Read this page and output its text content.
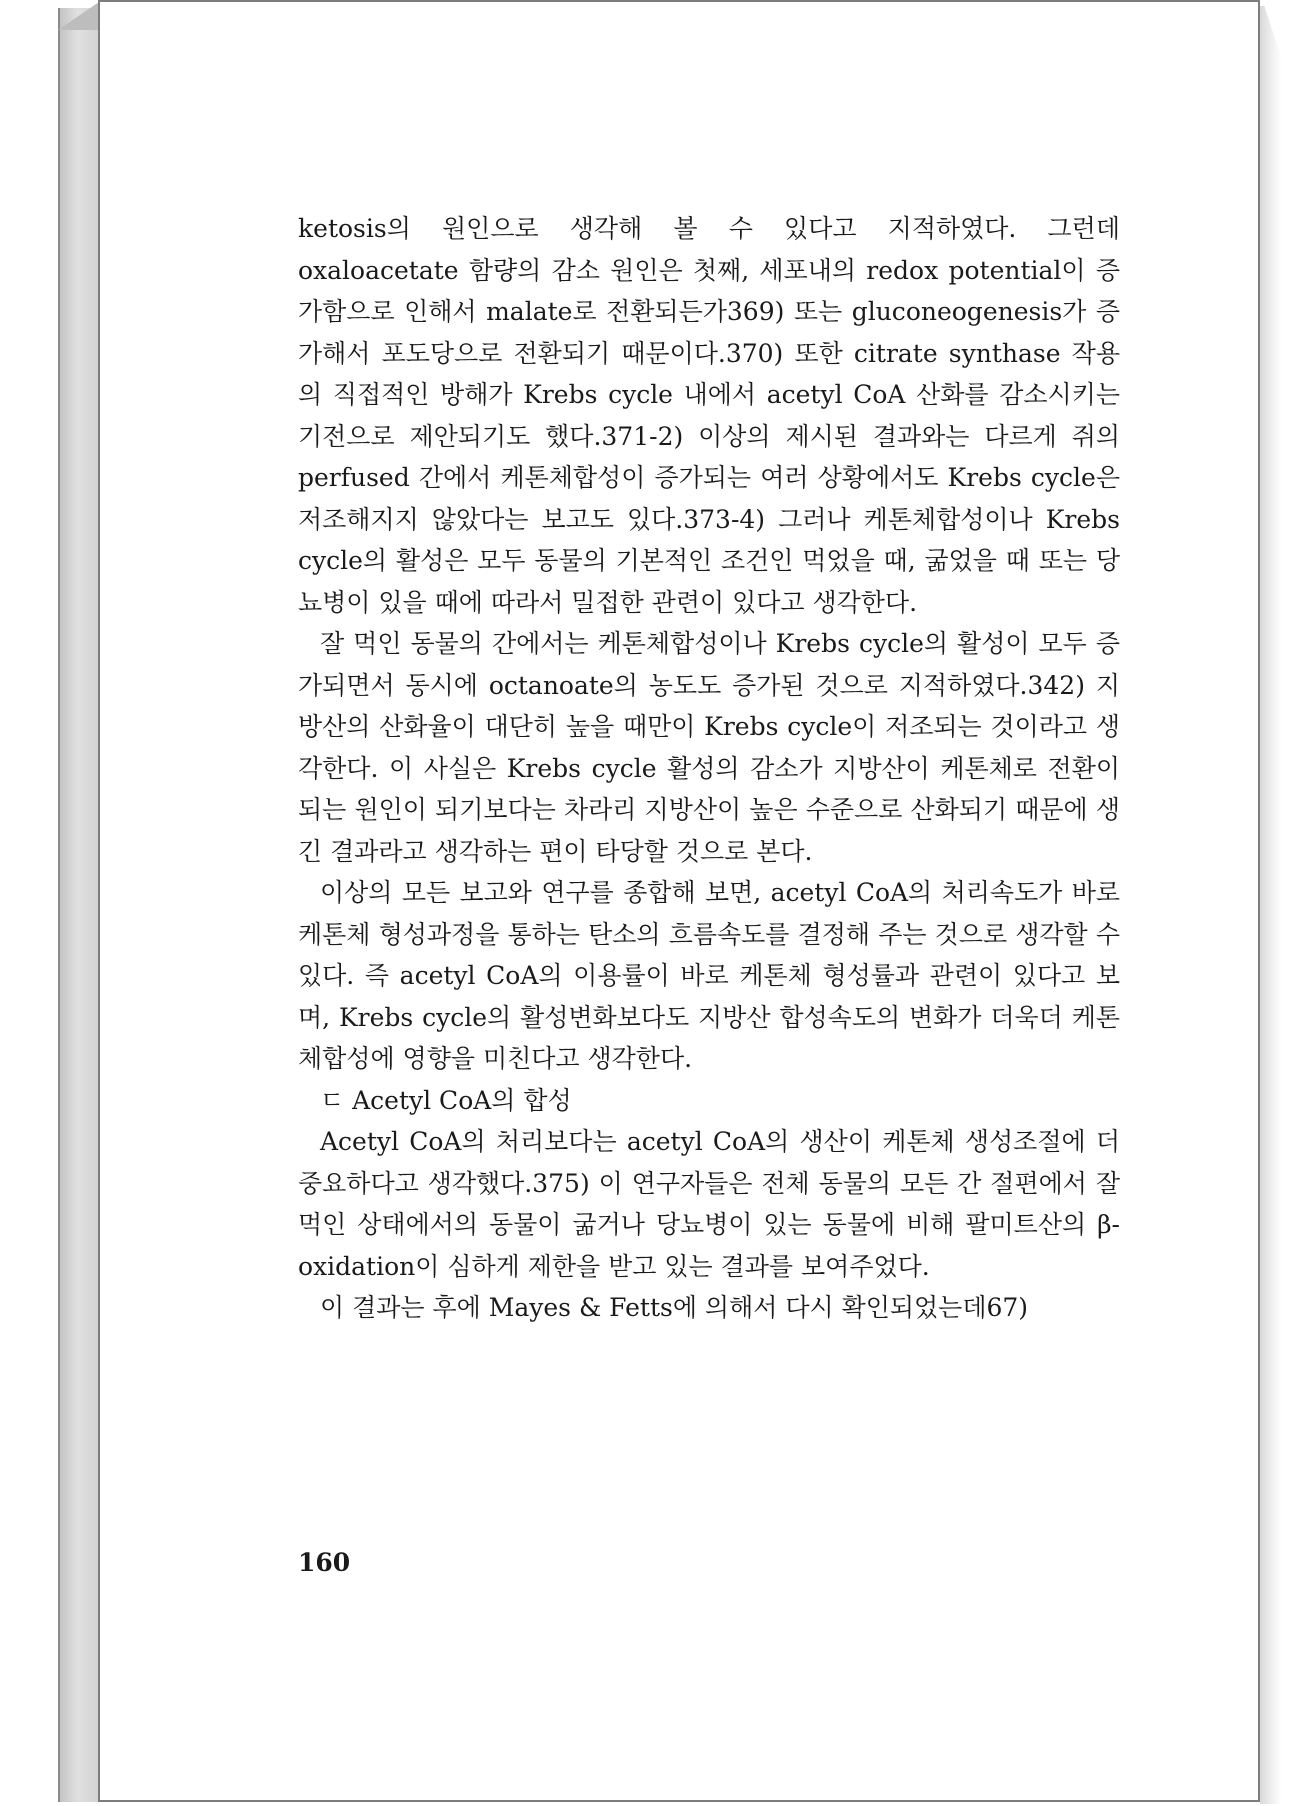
ketosis의 원인으로 생각해 볼 수 있다고 지적하였다. 그런데 oxaloacetate 함량의 감소 원인은 첫째, 세포내의 redox potential이 증가함으로 인해서 malate로 전환되든가369) 또는 gluconeogenesis가 증가해서 포도당으로 전환되기 때문이다.370) 또한 citrate synthase 작용의 직접적인 방해가 Krebs cycle 내에서 acetyl CoA 산화를 감소시키는 기전으로 제안되기도 했다.371-2) 이상의 제시된 결과와는 다르게 쥐의 perfused 간에서 케톤체합성이 증가되는 여러 상황에서도 Krebs cycle은 저조해지지 않았다는 보고도 있다.373-4) 그러나 케톤체합성이나 Krebs cycle의 활성은 모두 동물의 기본적인 조건인 먹었을 때, 굶었을 때 또는 당뇨병이 있을 때에 따라서 밀접한 관련이 있다고 생각한다.

잘 먹인 동물의 간에서는 케톤체합성이나 Krebs cycle의 활성이 모두 증가되면서 동시에 octanoate의 농도도 증가된 것으로 지적하였다.342) 지방산의 산화율이 대단히 높을 때만이 Krebs cycle이 저조되는 것이라고 생각한다. 이 사실은 Krebs cycle 활성의 감소가 지방산이 케톤체로 전환이 되는 원인이 되기보다는 차라리 지방산이 높은 수준으로 산화되기 때문에 생긴 결과라고 생각하는 편이 타당할 것으로 본다.

이상의 모든 보고와 연구를 종합해 보면, acetyl CoA의 처리속도가 바로 케톤체 형성과정을 통하는 탄소의 흐름속도를 결정해 주는 것으로 생각할 수 있다. 즉 acetyl CoA의 이용률이 바로 케톤체 형성률과 관련이 있다고 보며, Krebs cycle의 활성변화보다도 지방산 합성속도의 변화가 더욱더 케톤체합성에 영향을 미친다고 생각한다.

ㄷ Acetyl CoA의 합성

Acetyl CoA의 처리보다는 acetyl CoA의 생산이 케톤체 생성조절에 더 중요하다고 생각했다.375) 이 연구자들은 전체 동물의 모든 간 절편에서 잘 먹인 상태에서의 동물이 굶거나 당뇨병이 있는 동물에 비해 팔미트산의 β-oxidation이 심하게 제한을 받고 있는 결과를 보여주었다.

이 결과는 후에 Mayes & Fetts에 의해서 다시 확인되었는데67)

160
